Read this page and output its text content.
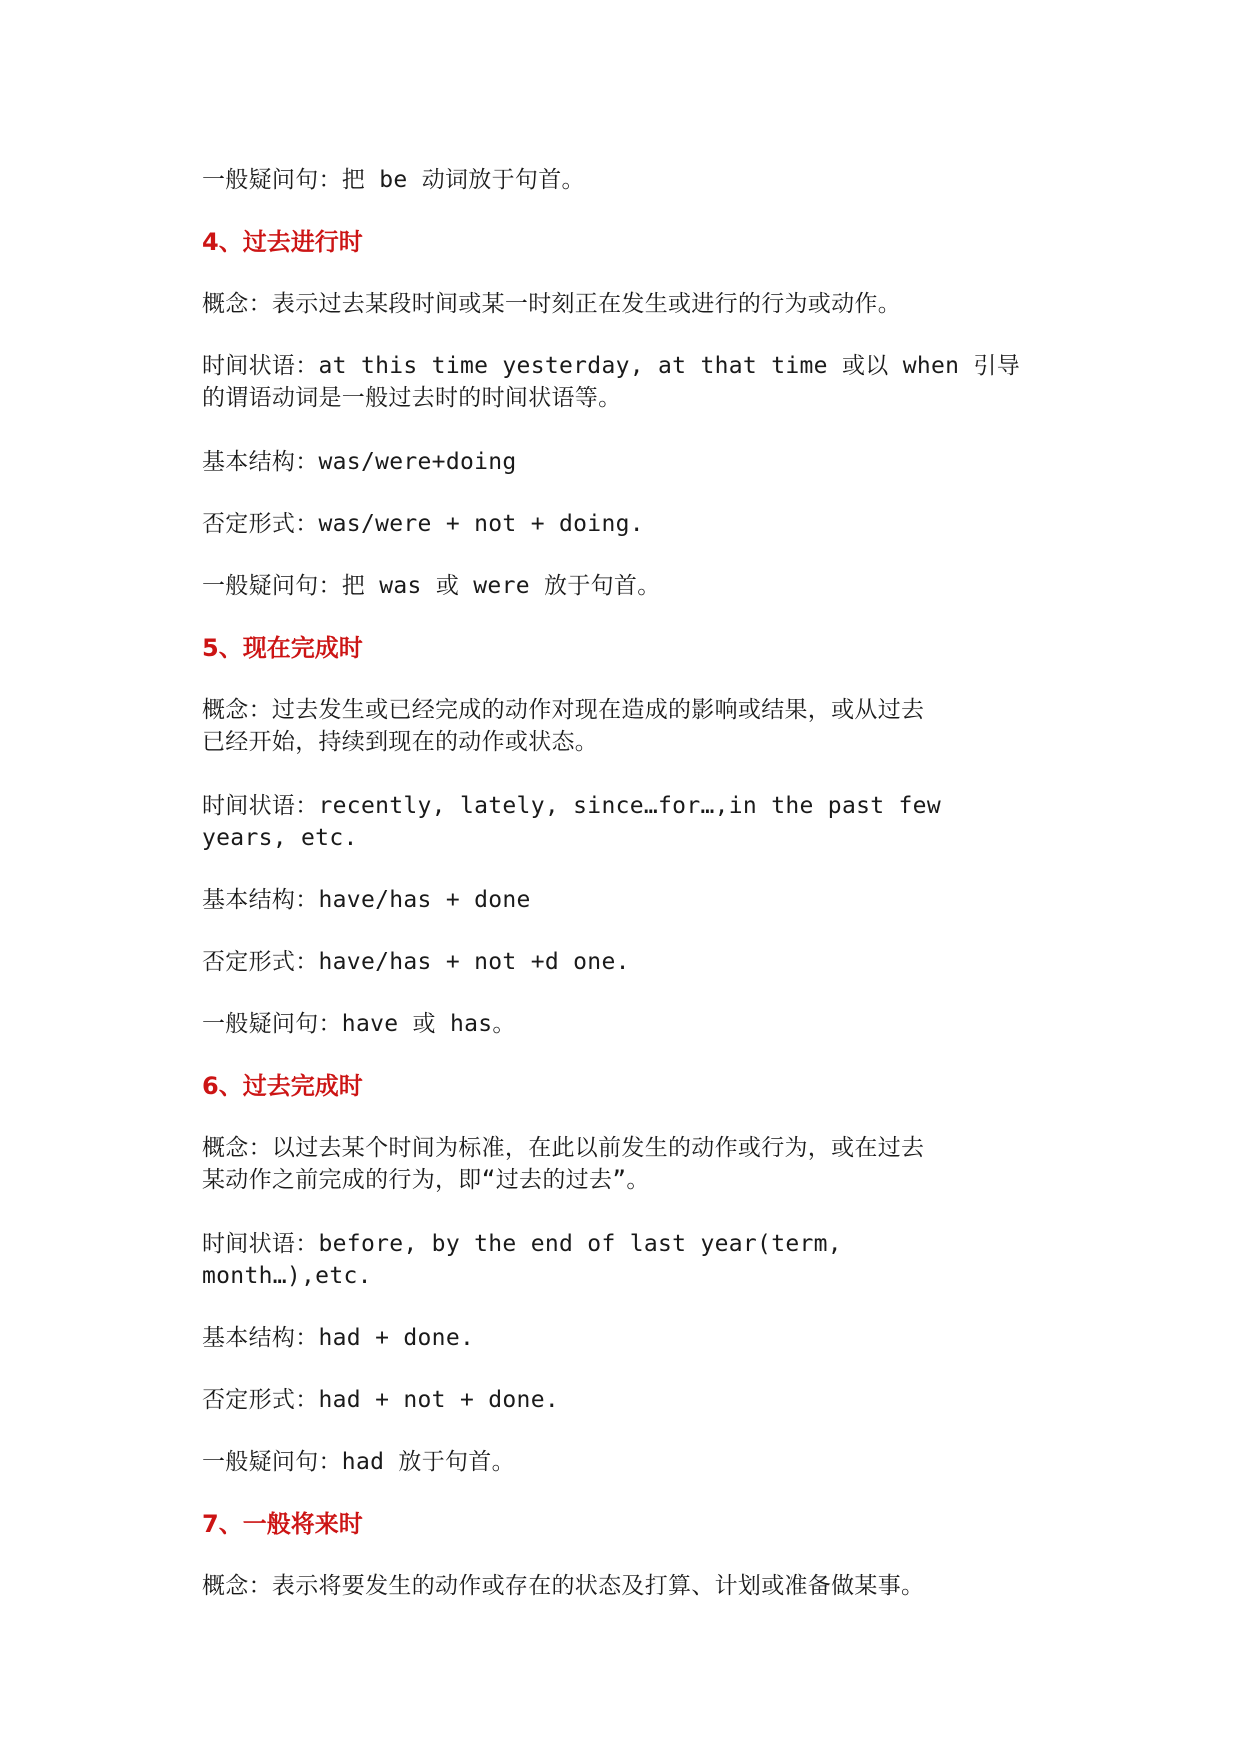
一般疑问句：把 be 动词放于句首。
4、过去进行时
概念：表示过去某段时间或某一时刻正在发生或进行的行为或动作。
时间状语：at this time yesterday, at that time 或以 when 引导
的谓语动词是一般过去时的时间状语等。
基本结构：was/were+doing
否定形式：was/were + not + doing.
一般疑问句：把 was 或 were 放于句首。
5、现在完成时
概念：过去发生或已经完成的动作对现在造成的影响或结果，或从过去
已经开始，持续到现在的动作或状态。
时间状语：recently, lately, since…for…,in the past few
years, etc.
基本结构：have/has + done
否定形式：have/has + not +d one.
一般疑问句：have 或 has。
6、过去完成时
概念：以过去某个时间为标准，在此以前发生的动作或行为，或在过去
某动作之前完成的行为，即“过去的过去”。
时间状语：before, by the end of last year(term,
month…),etc.
基本结构：had + done.
否定形式：had + not + done.
一般疑问句：had 放于句首。
7、一般将来时
概念：表示将要发生的动作或存在的状态及打算、计划或准备做某事。
